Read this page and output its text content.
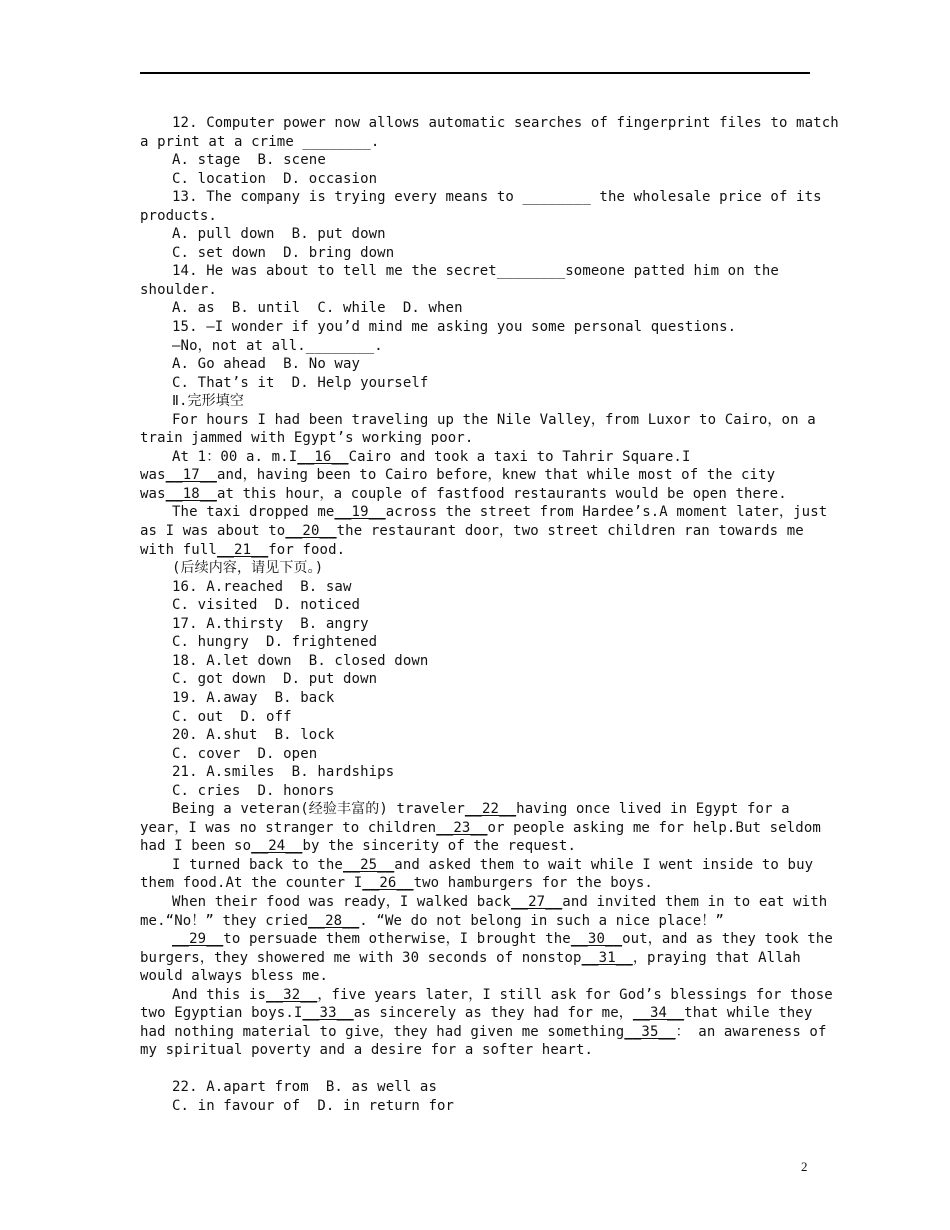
12. Computer power now allows automatic searches of fingerprint files to match
a print at a crime ________.
A. stage  B. scene
C. location  D. occasion
13. The company is trying every means to ________ the wholesale price of its
products.
A. pull down  B. put down
C. set down  D. bring down
14. He was about to tell me the secret________someone patted him on the
shoulder.
A. as  B. until  C. while  D. when
15. —I wonder if you’d mind me asking you some personal questions.
—No，not at all.________.
A. Go ahead  B. No way
C. That’s it  D. Help yourself
Ⅱ.完形填空
For hours I had been traveling up the Nile Valley，from Luxor to Cairo，on a
train jammed with Egypt’s working poor.
At 1：00 a. m.I__16__Cairo and took a taxi to Tahrir Square.I
was__17__and，having been to Cairo before，knew that while most of the city
was__18__at this hour，a couple of fastfood restaurants would be open there.
The taxi dropped me__19__across the street from Hardee’s.A moment later，just
as I was about to__20__the restaurant door，two street children ran towards me
with full__21__for food.
(后续内容，请见下页。)
16. A.reached  B. saw
C. visited  D. noticed
17. A.thirsty  B. angry
C. hungry  D. frightened
18. A.let down  B. closed down
C. got down  D. put down
19. A.away  B. back
C. out  D. off
20. A.shut  B. lock
C. cover  D. open
21. A.smiles  B. hardships
C. cries  D. honors
Being a veteran(经验丰富的) traveler__22__having once lived in Egypt for a
year，I was no stranger to children__23__or people asking me for help.But seldom
had I been so__24__by the sincerity of the request.
I turned back to the__25__and asked them to wait while I went inside to buy
them food.At the counter I__26__two hamburgers for the boys.
When their food was ready，I walked back__27__and invited them in to eat with
me.“No！” they cried__28__. “We do not belong in such a nice place！”
__29__to persuade them otherwise，I brought the__30__out，and as they took the
burgers，they showered me with 30 seconds of nonstop__31__，praying that Allah
would always bless me.
And this is__32__，five years later，I still ask for God’s blessings for those
two Egyptian boys.I__33__as sincerely as they had for me，__34__that while they
had nothing material to give，they had given me something__35__： an awareness of
my spiritual poverty and a desire for a softer heart.
22. A.apart from  B. as well as
C. in favour of  D. in return for
2
